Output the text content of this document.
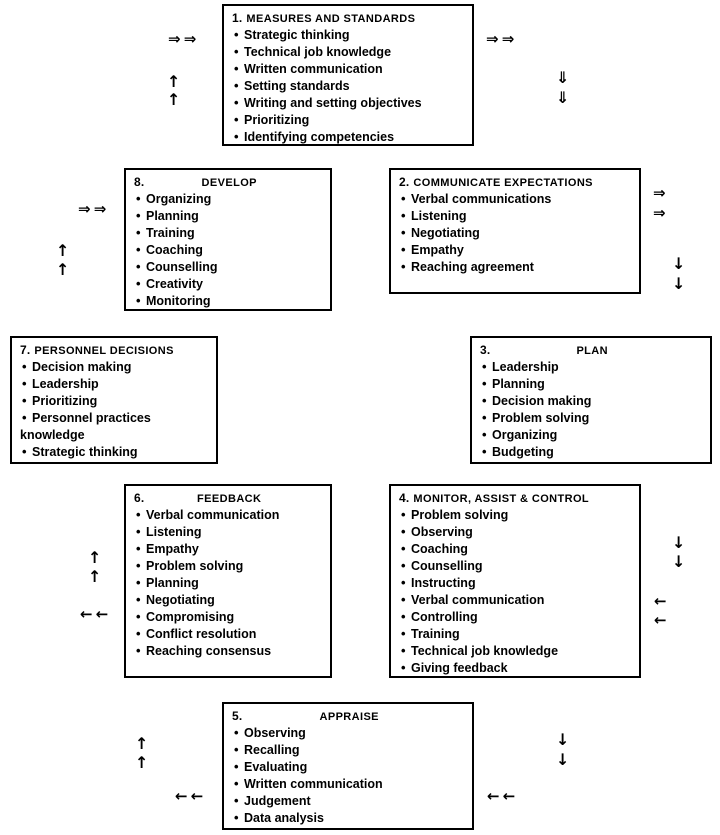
1. MEASURES AND STANDARDS
• Strategic thinking
• Technical job knowledge
• Written communication
• Setting standards
• Writing and setting objectives
• Prioritizing
• Identifying competencies
8.	DEVELOP
• Organizing
• Planning
• Training
• Coaching
• Counselling
• Creativity
• Monitoring
2. COMMUNICATE EXPECTATIONS
• Verbal communications
• Listening
• Negotiating
• Empathy
• Reaching agreement
7. PERSONNEL DECISIONS
• Decision making
• Leadership
• Prioritizing
• Personnel practices
knowledge
• Strategic thinking
3.	PLAN
• Leadership
• Planning
• Decision making
• Problem solving
• Organizing
• Budgeting
6.	FEEDBACK
• Verbal communication
• Listening
• Empathy
• Problem solving
• Planning
• Negotiating
• Compromising
• Conflict resolution
• Reaching consensus
4. MONITOR, ASSIST & CONTROL
• Problem solving
• Observing
• Coaching
• Counselling
• Instructing
• Verbal communication
• Controlling
• Training
• Technical job knowledge
• Giving feedback
5.	APPRAISE
• Observing
• Recalling
• Evaluating
• Written communication
• Judgement
• Data analysis
⇒ ⇒	⇒ ⇒
↑
↑
⇓
⇓
⇒ ⇒
⇒
⇒
↑
↑	↓
↓
↑
↑
↓
↓
← ←
←
←
↑
↑
↓
↓
← ←	← ←
